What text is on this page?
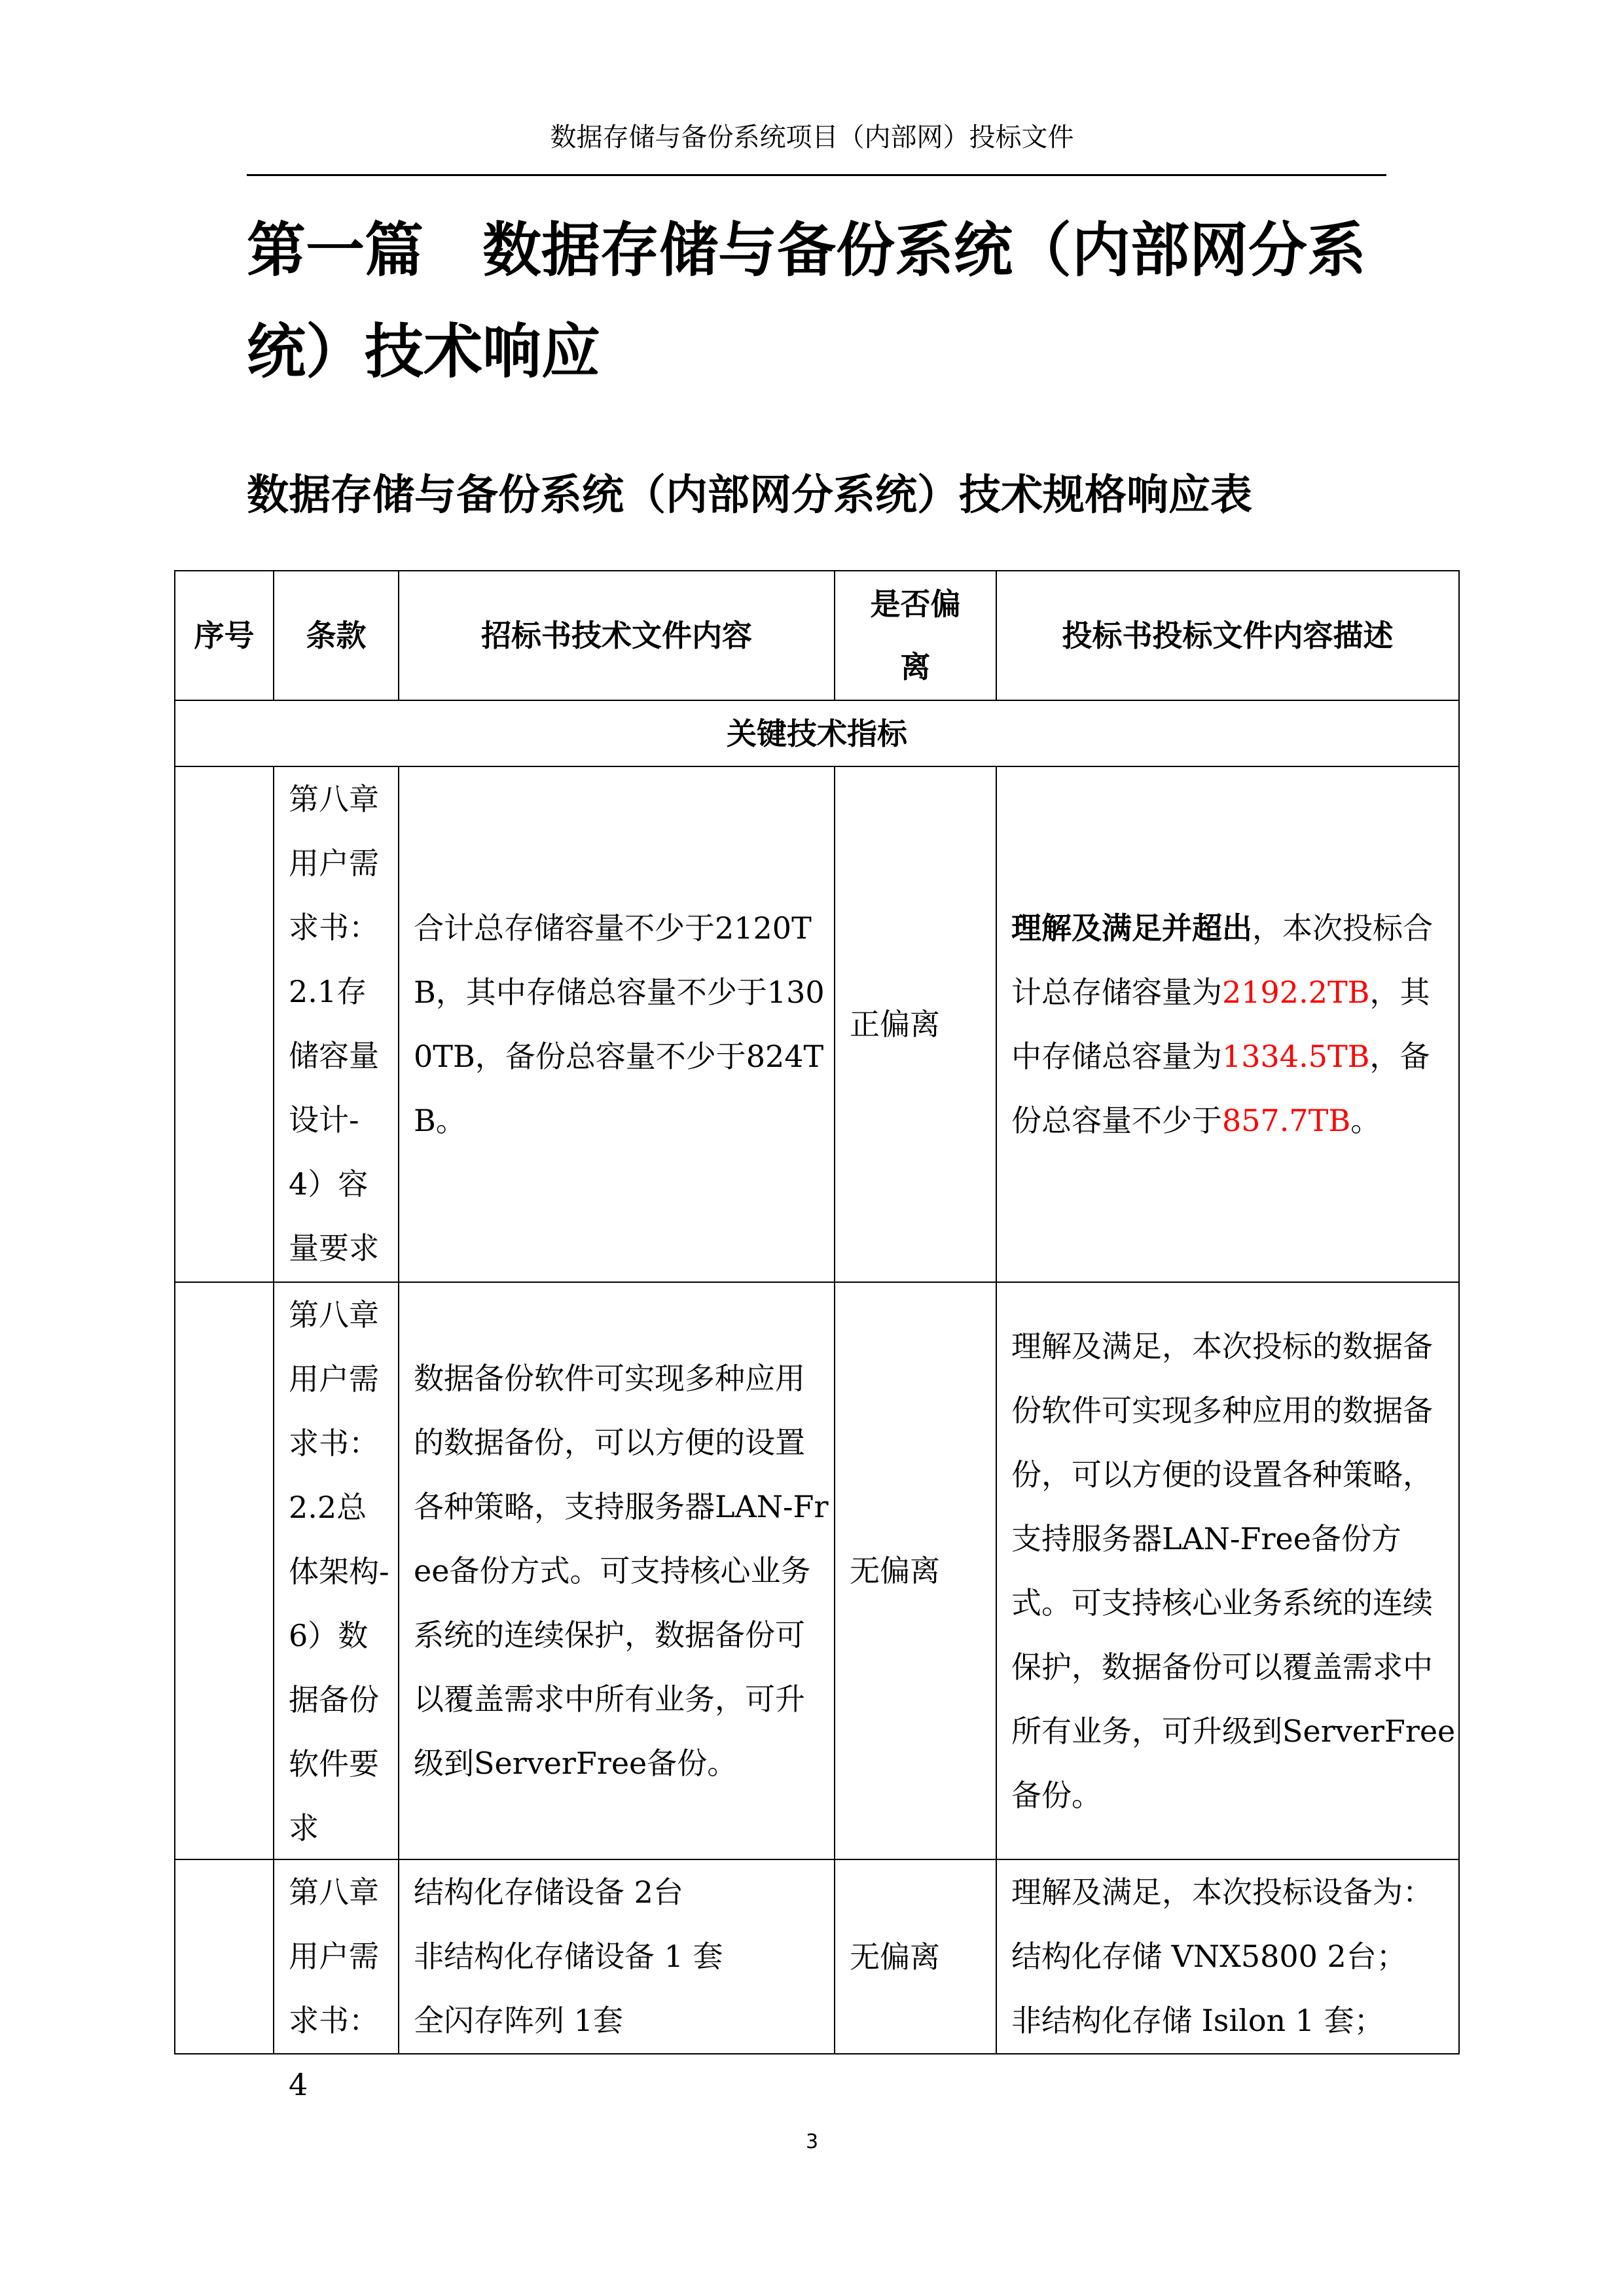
数据存储与备份系统项目（内部网）投标文件
第一篇　数据存储与备份系统（内部网分系统）技术响应
数据存储与备份系统（内部网分系统）技术规格响应表
序号	条款	招标书技术文件内容
是否偏离
投标书投标文件内容描述
关键技术指标
第八章用户需求书：2.1存储容量设计-4）容量要求
合计总存储容量不少于2120TB，其中存储总容量不少于1300TB，备份总容量不少于824TB。
正偏离
理解及满足并超出，本次投标合计总存储容量为2192.2TB，其中存储总容量为1334.5TB，备份总容量不少于857.7TB。
第八章用户需求书：2.2总体架构-6）数据备份软件要求
数据备份软件可实现多种应用的数据备份，可以方便的设置各种策略，支持服务器LAN-Free备份方式。可支持核心业务系统的连续保护，数据备份可以覆盖需求中所有业务，可升级到ServerFree备份。
无偏离
理解及满足，本次投标的数据备份软件可实现多种应用的数据备份，可以方便的设置各种策略，支持服务器LAN-Free备份方式。可支持核心业务系统的连续保护，数据备份可以覆盖需求中所有业务，可升级到ServerFree备份。
第八章用户需求书：4
结构化存储设备 2台
非结构化存储设备 1 套
全闪存阵列 1套
无偏离
理解及满足，本次投标设备为：
结构化存储 VNX5800 2台；
非结构化存储 Isilon 1 套；
3
